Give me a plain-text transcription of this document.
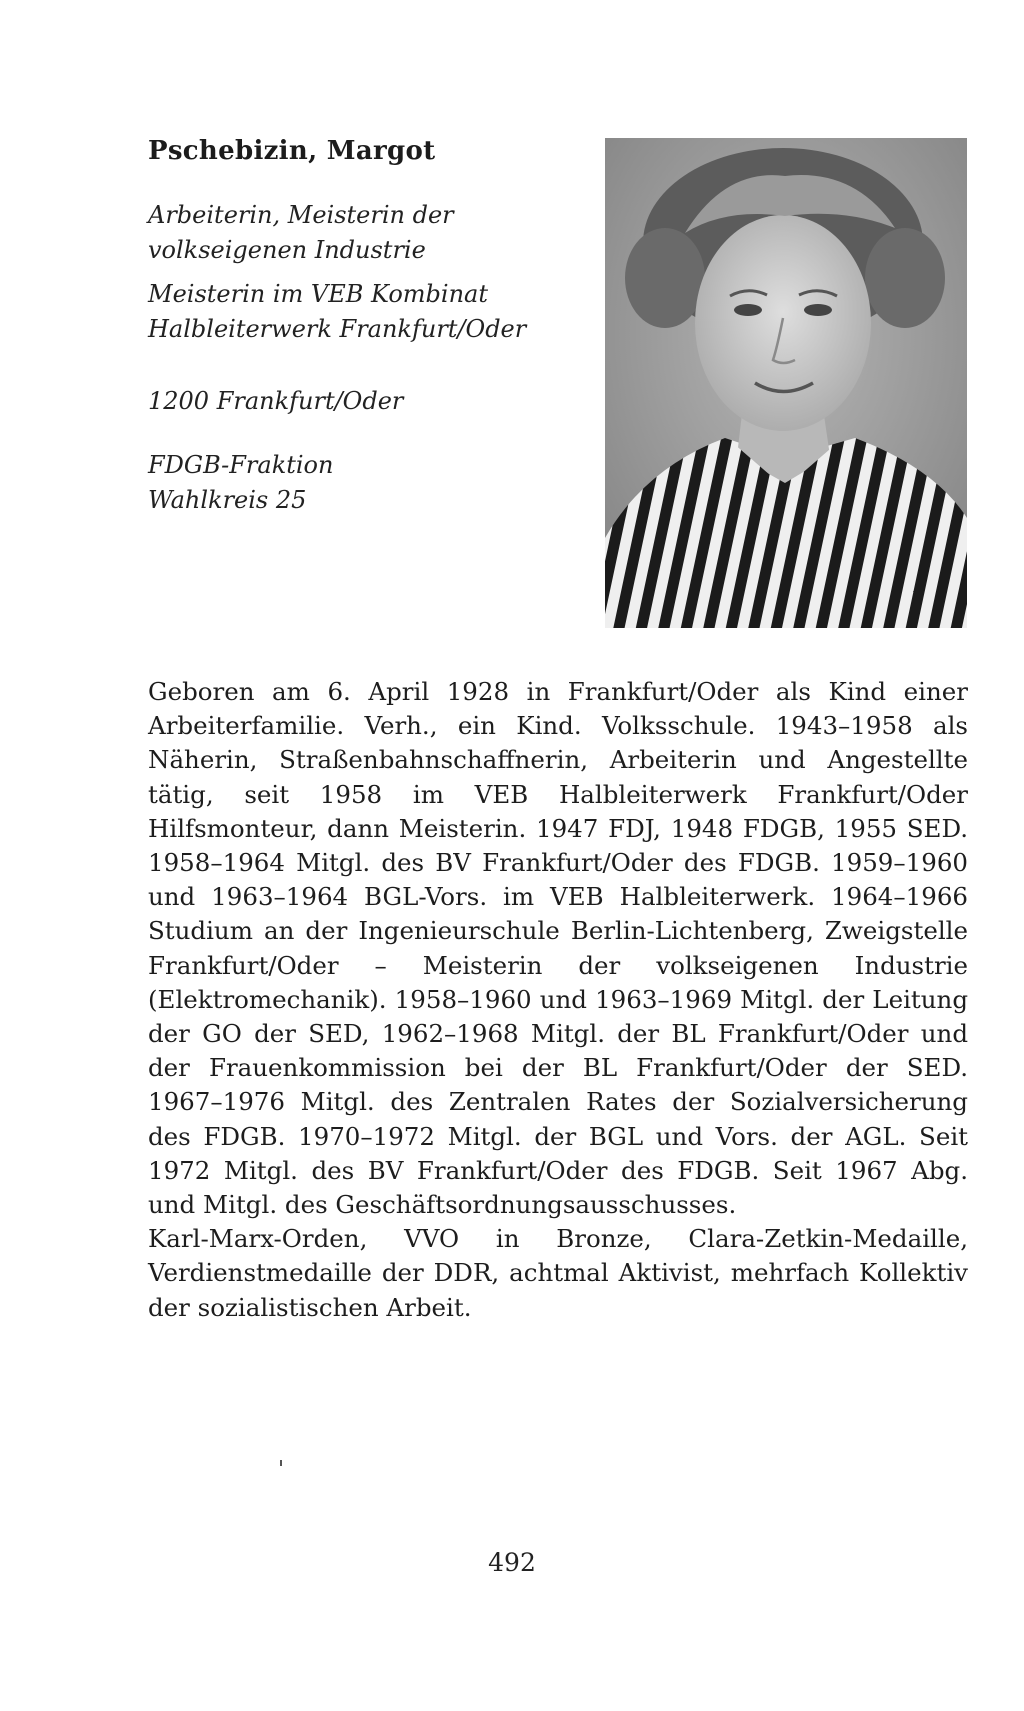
Pschebizin, Margot
Arbeiterin, Meisterin der
volkseigenen Industrie
Meisterin im VEB Kombinat
Halbleiterwerk Frankfurt/Oder
1200 Frankfurt/Oder
FDGB-Fraktion
Wahlkreis 25

Geboren am 6. April 1928 in Frankfurt/Oder als Kind einer Arbeiterfamilie. Verh., ein Kind. Volksschule. 1943–1958 als Näherin, Straßenbahnschaffnerin, Arbeiterin und Angestellte tätig, seit 1958 im VEB Halbleiterwerk Frankfurt/Oder Hilfsmonteur, dann Meisterin. 1947 FDJ, 1948 FDGB, 1955 SED. 1958–1964 Mitgl. des BV Frankfurt/Oder des FDGB. 1959–1960 und 1963–1964 BGL-Vors. im VEB Halbleiterwerk. 1964–1966 Studium an der Ingenieurschule Berlin-Lichtenberg, Zweigstelle Frankfurt/Oder – Meisterin der volkseigenen Industrie (Elektromechanik). 1958–1960 und 1963–1969 Mitgl. der Leitung der GO der SED, 1962–1968 Mitgl. der BL Frankfurt/Oder und der Frauenkommission bei der BL Frankfurt/Oder der SED. 1967–1976 Mitgl. des Zentralen Rates der Sozialversicherung des FDGB. 1970–1972 Mitgl. der BGL und Vors. der AGL. Seit 1972 Mitgl. des BV Frankfurt/Oder des FDGB. Seit 1967 Abg. und Mitgl. des Geschäftsordnungsausschusses.

Karl-Marx-Orden, VVO in Bronze, Clara-Zetkin-Medaille, Verdienstmedaille der DDR, achtmal Aktivist, mehrfach Kollektiv der sozialistischen Arbeit.

492
